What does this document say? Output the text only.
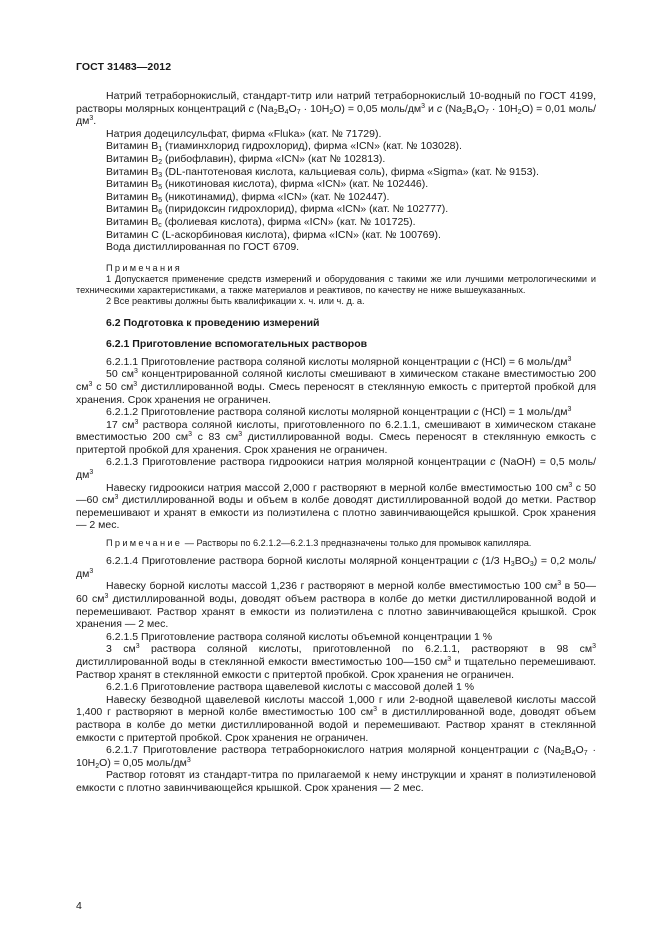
ГОСТ 31483—2012

Натрий тетраборнокислый, стандарт-титр или натрий тетраборнокислый 10-водный по ГОСТ 4199, растворы молярных концентраций c $(Na_2B_4O_7 \cdot 10H_2O) = 0,05$ моль/$дм^3$ и c $(Na_2B_4O_7 \cdot 10H_2O) = 0,01$ моль/$дм^3$.

Натрия додецилсульфат, фирма «Fluka» (кат. № 71729).

Витамин $B_1$ (тиаминхлорид гидрохлорид), фирма «ICN» (кат. № 103028).

Витамин $B_2$ (рибофлавин), фирма «ICN» (кат № 102813).

Витамин $B_3$ (DL-пантотеновая кислота, кальциевая соль), фирма «Sigma» (кат. № 9153).

Витамин $B_5$ (никотиновая кислота), фирма «ICN» (кат. № 102446).

Витамин $B_5$ (никотинамид), фирма «ICN» (кат. № 102447).

Витамин $B_6$ (пиридоксин гидрохлорид), фирма «ICN» (кат. № 102777).

Витамин $B_c$ (фолиевая кислота), фирма «ICN» (кат. № 101725).

Витамин C (L-аскорбиновая кислота), фирма «ICN» (кат. № 100769).

Вода дистиллированная по ГОСТ 6709.

Примечания

1 Допускается применение средств измерений и оборудования с такими же или лучшими метрологическими и техническими характеристиками, а также материалов и реактивов, по качеству не ниже вышеуказанных.

2 Все реактивы должны быть квалификации х. ч. или ч. д. а.

6.2 Подготовка к проведению измерений

6.2.1 Приготовление вспомогательных растворов

6.2.1.1 Приготовление раствора соляной кислоты молярной концентрации c (HCl) = 6 моль/$дм^3$

50 $см^3$ концентрированной соляной кислоты смешивают в химическом стакане вместимостью 200 $см^3$ с 50 $см^3$ дистиллированной воды. Смесь переносят в стеклянную емкость с притертой пробкой для хранения. Срок хранения не ограничен.

6.2.1.2 Приготовление раствора соляной кислоты молярной концентрации c (HCl) = 1 моль/$дм^3$

17 $см^3$ раствора соляной кислоты, приготовленного по 6.2.1.1, смешивают в химическом стакане вместимостью 200 $см^3$ с 83 $см^3$ дистиллированной воды. Смесь переносят в стеклянную емкость с притертой пробкой для хранения. Срок хранения не ограничен.

6.2.1.3 Приготовление раствора гидроокиси натрия молярной концентрации c (NaOH) = 0,5 моль/$дм^3$

Навеску гидроокиси натрия массой 2,000 г растворяют в мерной колбе вместимостью 100 $см^3$ с 50—60 $см^3$ дистиллированной воды и объем в колбе доводят дистиллированной водой до метки. Раствор перемешивают и хранят в емкости из полиэтилена с плотно завинчивающейся крышкой. Срок хранения — 2 мес.

Примечание — Растворы по 6.2.1.2—6.2.1.3 предназначены только для промывок капилляра.

6.2.1.4 Приготовление раствора борной кислоты молярной концентрации c (1/3 $H_3BO_3) = 0,2$ моль/$дм^3$

Навеску борной кислоты массой 1,236 г растворяют в мерной колбе вместимостью 100 $см^3$ в 50—60 $см^3$ дистиллированной воды, доводят объем раствора в колбе до метки дистиллированной водой и перемешивают. Раствор хранят в емкости из полиэтилена с плотно завинчивающейся крышкой. Срок хранения — 2 мес.

6.2.1.5 Приготовление раствора соляной кислоты объемной концентрации 1 %

3 $см^3$ раствора соляной кислоты, приготовленной по 6.2.1.1, растворяют в 98 $см^3$ дистиллированной воды в стеклянной емкости вместимостью 100—150 $см^3$ и тщательно перемешивают. Раствор хранят в стеклянной емкости с притертой пробкой. Срок хранения не ограничен.

6.2.1.6 Приготовление раствора щавелевой кислоты с массовой долей 1 %

Навеску безводной щавелевой кислоты массой 1,000 г или 2-водной щавелевой кислоты массой 1,400 г растворяют в мерной колбе вместимостью 100 $см^3$ в дистиллированной воде, доводят объем раствора в колбе до метки дистиллированной водой и перемешивают. Раствор хранят в стеклянной емкости с притертой пробкой. Срок хранения не ограничен.

6.2.1.7 Приготовление раствора тетраборнокислого натрия молярной концентрации c $(Na_2B_4O_7 \cdot 10H_2O) = 0,05$ моль/$дм^3$

Раствор готовят из стандарт-титра по прилагаемой к нему инструкции и хранят в полиэтиленовой емкости с плотно завинчивающейся крышкой. Срок хранения — 2 мес.

4
